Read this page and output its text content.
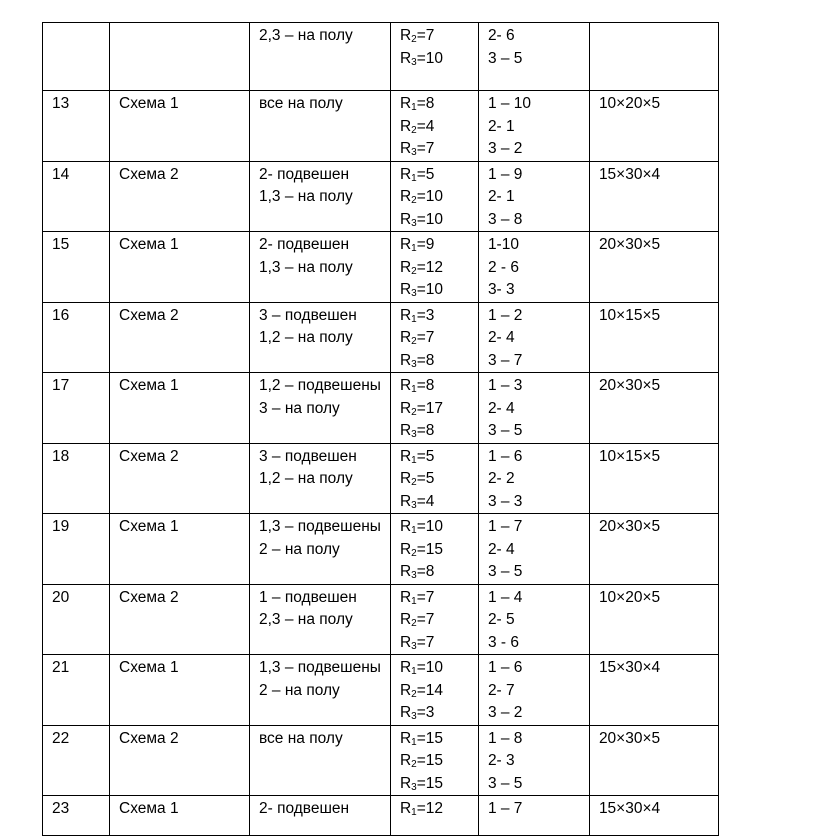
		2,3 – на полу	$R_2=7$
$R_3=10$	2- 6
3 – 5	

13	Схема 1	все на полу	$R_1=8$
$R_2=4$
$R_3=7$	1 – 10
2- 1
3 – 2	10×20×5

14	Схема 2	2- подвешен
1,3 – на полу	$R_1=5$
$R_2=10$
$R_3=10$	1 – 9
2- 1
3 – 8	15×30×4

15	Схема 1	2- подвешен
1,3 – на полу	$R_1=9$
$R_2=12$
$R_3=10$	1-10
2 - 6
3- 3	20×30×5

16	Схема 2	3 – подвешен
1,2 – на полу	$R_1=3$
$R_2=7$
$R_3=8$	1 – 2
2- 4
3 – 7	10×15×5

17	Схема 1	1,2 – подвешены
3 – на полу	$R_1=8$
$R_2=17$
$R_3=8$	1 – 3
2- 4
3 – 5	20×30×5

18	Схема 2	3 – подвешен
1,2 – на полу	$R_1=5$
$R_2=5$
$R_3=4$	1 – 6
2- 2
3 – 3	10×15×5

19	Схема 1	1,3 – подвешены
2 – на полу	$R_1=10$
$R_2=15$
$R_3=8$	1 – 7
2- 4
3 – 5	20×30×5

20	Схема 2	1 – подвешен
2,3 – на полу	$R_1=7$
$R_2=7$
$R_3=7$	1 – 4
2- 5
3 - 6	10×20×5

21	Схема 1	1,3 – подвешены
2 – на полу	$R_1=10$
$R_2=14$
$R_3=3$	1 – 6
2- 7
3 – 2	15×30×4

22	Схема 2	все на полу	$R_1=15$
$R_2=15$
$R_3=15$	1 – 8
2- 3
3 – 5	20×30×5

23	Схема 1	2- подвешен	$R_1=12$	1 – 7	15×30×4
